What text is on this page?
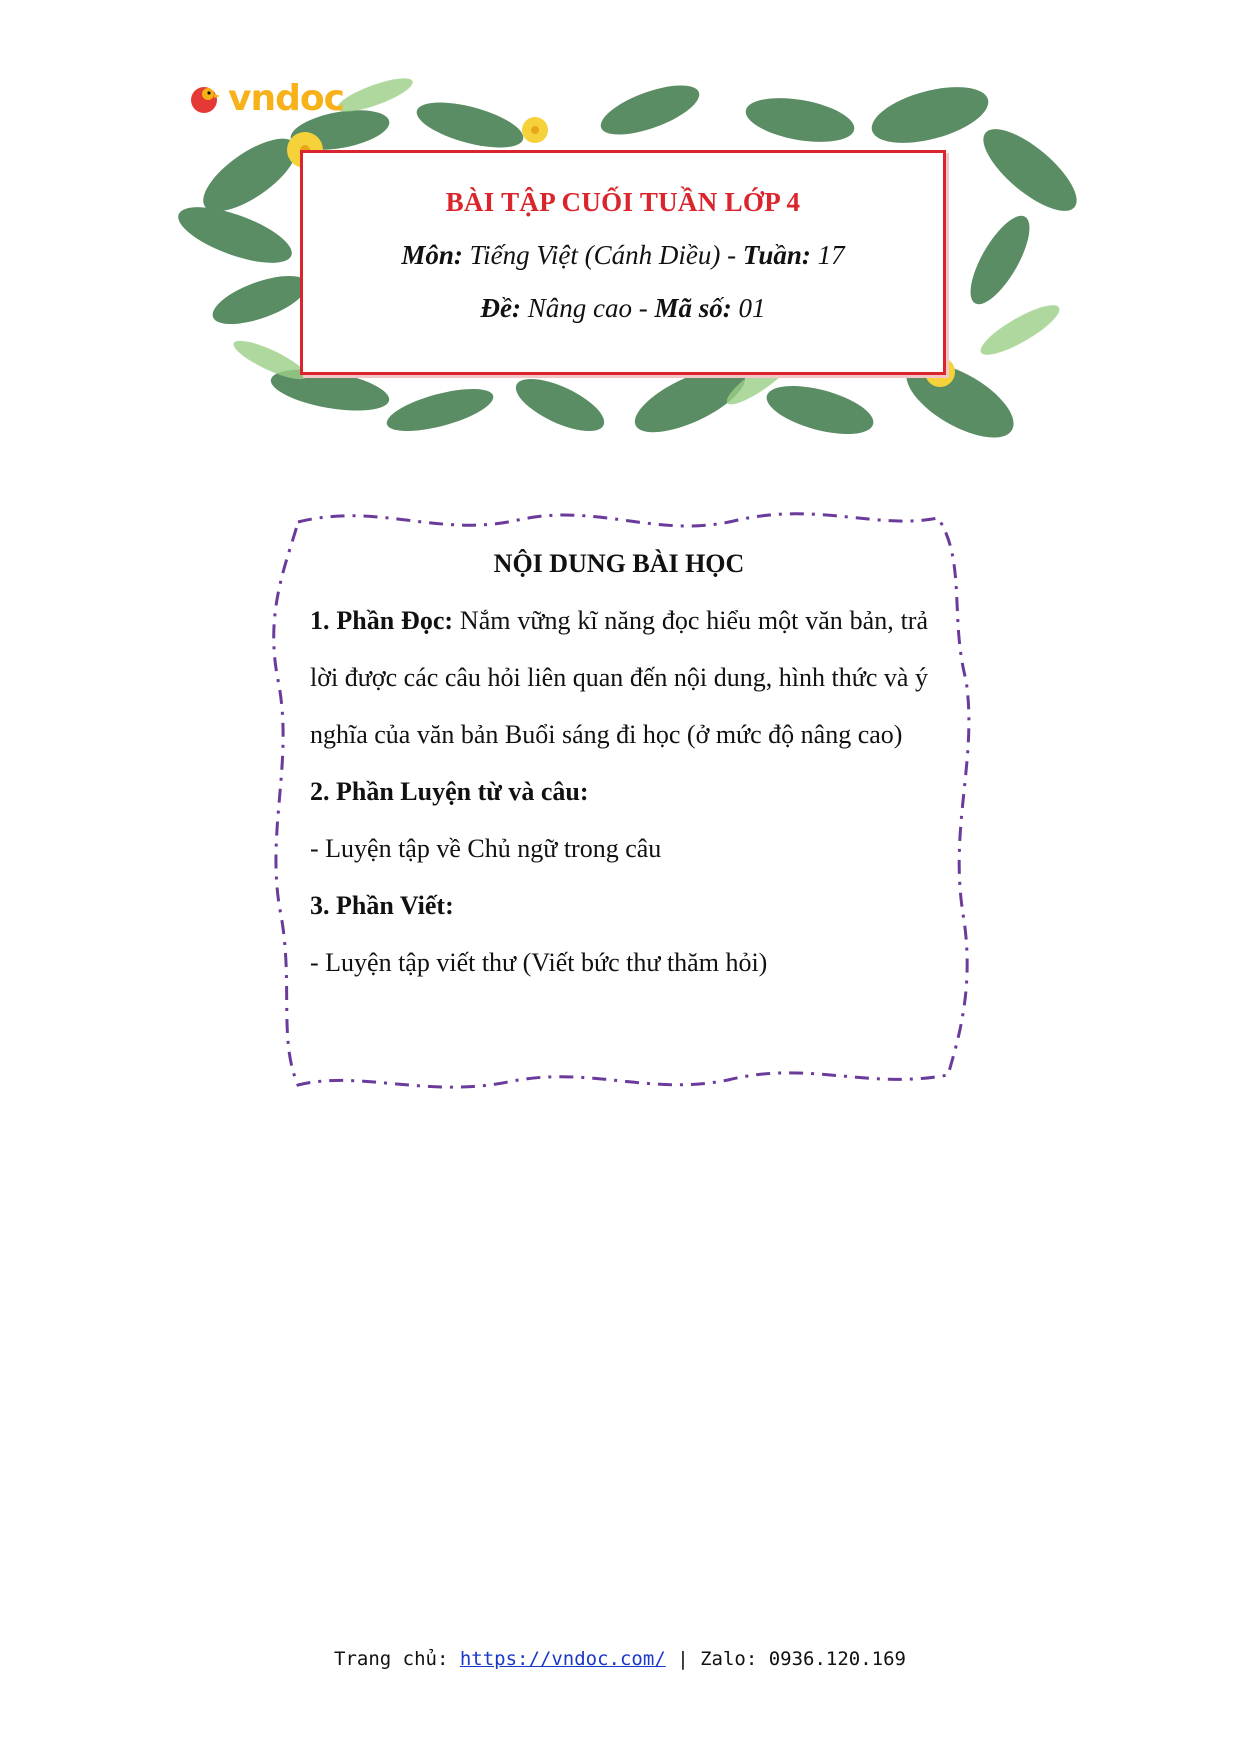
vndoc
BÀI TẬP CUỐI TUẦN LỚP 4
Môn: Tiếng Việt (Cánh Diều) - Tuần: 17
Đề: Nâng cao - Mã số: 01
NỘI DUNG BÀI HỌC

1. Phần Đọc: Nắm vững kĩ năng đọc hiểu một văn bản, trả lời được các câu hỏi liên quan đến nội dung, hình thức và ý nghĩa của văn bản Buổi sáng đi học (ở mức độ nâng cao)

2. Phần Luyện từ và câu:

- Luyện tập về Chủ ngữ trong câu

3. Phần Viết:

- Luyện tập viết thư (Viết bức thư thăm hỏi)

Trang chủ: https://vndoc.com/ | Zalo: 0936.120.169
